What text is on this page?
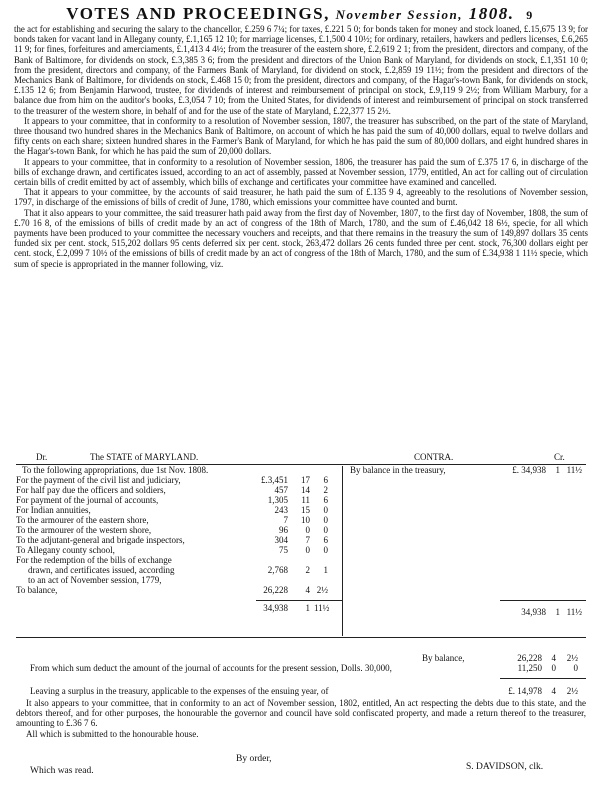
VOTES AND PROCEEDINGS, November Session, 1808. 9

the act for establishing and securing the salary to the chancellor, £.259 6 7¼; for taxes, £.221 5 0; for bonds taken for money and stock loaned, £.15,675 13 9; for bonds taken for vacant land in Allegany county, £.1,165 12 10; for marriage licenses, £.1,500 4 10½; for ordinary, retailers, hawkers and pedlers licenses, £.6,265 11 9; for fines, forfeitures and amerciaments, £.1,413 4 4½; from the treasurer of the eastern shore, £.2,619 2 1; from the president, directors and company, of the Bank of Baltimore, for dividends on stock, £.3,385 3 6; from the president and directors of the Union Bank of Maryland, for dividends on stock, £.1,351 10 0; from the president, directors and company, of the Farmers Bank of Maryland, for dividend on stock, £.2,859 19 11½; from the president and directors of the Mechanics Bank of Baltimore, for dividends on stock, £.468 15 0; from the president, directors and company, of the Hagar's-town Bank, for dividends on stock, £.135 12 6; from Benjamin Harwood, trustee, for dividends of interest and reimbursement of principal on stock, £.9,119 9 2½; from William Marbury, for a balance due from him on the auditor's books, £.3,054 7 10; from the United States, for dividends of interest and reimbursement of principal on stock transferred to the treasurer of the western shore, in behalf of and for the use of the state of Maryland, £.22,377 15 2½.

It appears to your committee, that in conformity to a resolution of November session, 1807, the treasurer has subscribed, on the part of the state of Maryland, three thousand two hundred shares in the Mechanics Bank of Baltimore, on account of which he has paid the sum of 40,000 dollars, equal to twelve dollars and fifty cents on each share; sixteen hundred shares in the Farmer's Bank of Maryland, for which he has paid the sum of 80,000 dollars, and eight hundred shares in the Hagar's-town Bank, for which he has paid the sum of 20,000 dollars.

It appears to your committee, that in conformity to a resolution of November session, 1806, the treasurer has paid the sum of £.375 17 6, in discharge of the bills of exchange drawn, and certificates issued, according to an act of assembly, passed at November session, 1779, entitled, An act for calling out of circulation certain bills of credit emitted by act of assembly, which bills of exchange and certificates your committee have examined and cancelled.

That it appears to your committee, by the accounts of said treasurer, he hath paid the sum of £.135 9 4, agreeably to the resolutions of November session, 1797, in discharge of the emissions of bills of credit of June, 1780, which emissions your committee have counted and burnt.

That it also appears to your committee, the said treasurer hath paid away from the first day of November, 1807, to the first day of November, 1808, the sum of £.70 16 8, of the emissions of bills of credit made by an act of congress of the 18th of March, 1780, and the sum of £.46,042 18 6½, specie, for all which payments have been produced to your committee the necessary vouchers and receipts, and that there remains in the treasury the sum of 149,897 dollars 35 cents funded six per cent. stock, 515,202 dollars 95 cents deferred six per cent. stock, 263,472 dollars 26 cents funded three per cent. stock, 76,300 dollars eight per cent. stock, £.2,099 7 10½ of the emissions of bills of credit made by an act of congress of the 18th of March, 1780, and the sum of £.34,938 1 11½ specie, which sum of specie is appropriated in the manner following, viz.

Dr.	The STATE of MARYLAND.	CONTRA.	Cr.
To the following appropriations, due 1st Nov. 1808.
For the payment of the civil list and judiciary,	£.3,451	17	6
For half pay due the officers and soldiers,	457	14	2
For payment of the journal of accounts,	1,305	11	6
For Indian annuities,	243	15	0
To the armourer of the eastern shore,	7	10	0
To the armourer of the western shore,	96	0	0
To the adjutant-general and brigade inspectors,	304	7	6
To Allegany county school,	75	0	0
For the redemption of the bills of exchange
drawn, and certificates issued, according	2,768	2	1
to an act of November session, 1779,
To balance,	26,228	4 2½
34,938	1 11½
By balance in the treasury,	£. 34,938 1 11½
34,938 1 11½
By balance,	26,228 4 2½
From which sum deduct the amount of the journal of accounts for the present session, Dolls. 30,000,	11,250 0 0
Leaving a surplus in the treasury, applicable to the expenses of the ensuing year, of	£. 14,978 4 2½

It also appears to your committee, that in conformity to an act of November session, 1802, entitled, An act respecting the debts due to this state, and the debtors thereof, and for other purposes, the honourable the governor and council have sold confiscated property, and made a return thereof to the treasurer, amounting to £.36 7 6.

All which is submitted to the honourable house.

By order,
S. DAVIDSON, clk.
Which was read.
